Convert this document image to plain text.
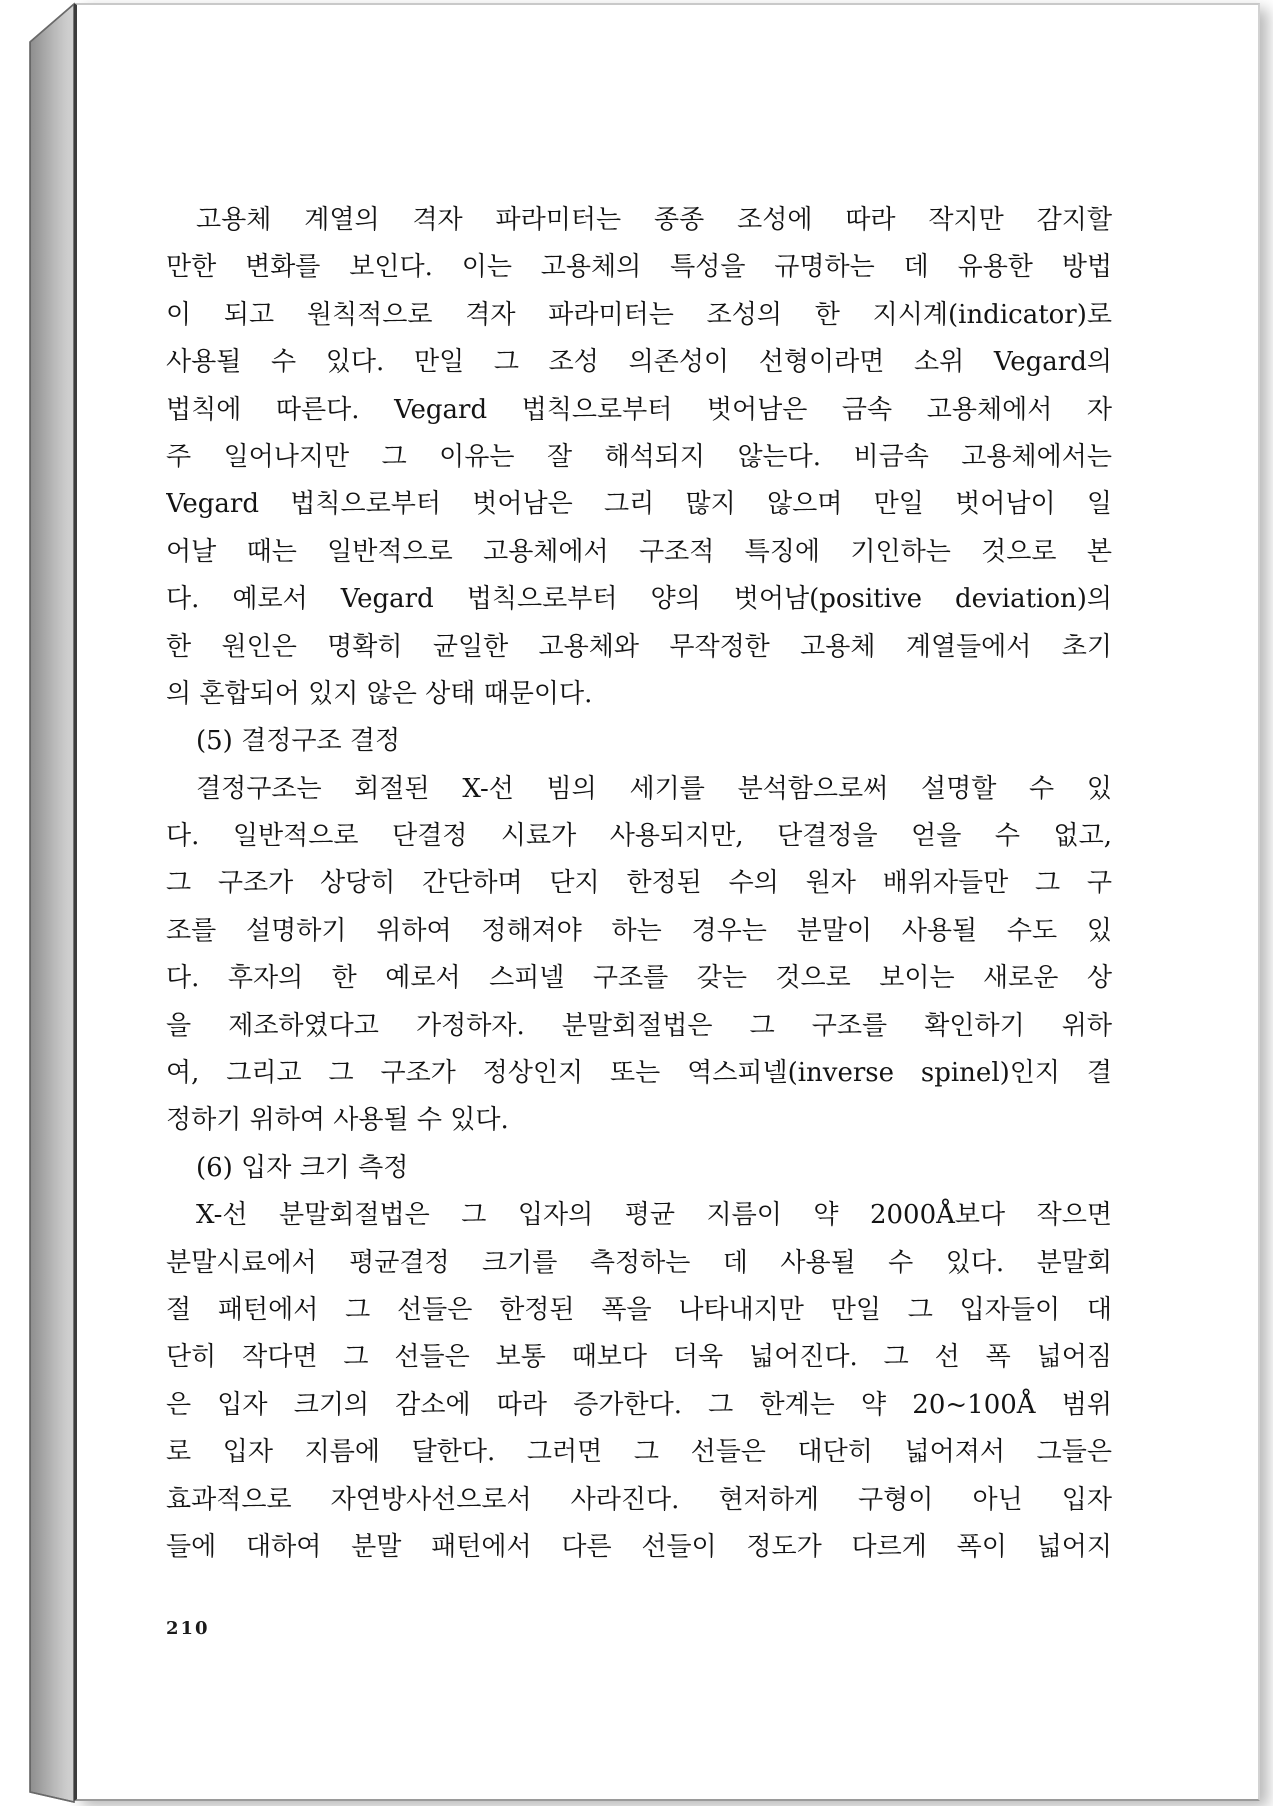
고용체 계열의 격자 파라미터는 종종 조성에 따라 작지만 감지할
만한 변화를 보인다. 이는 고용체의 특성을 규명하는 데 유용한 방법
이 되고 원칙적으로 격자 파라미터는 조성의 한 지시계(indicator)로
사용될 수 있다. 만일 그 조성 의존성이 선형이라면 소위 Vegard의
법칙에 따른다. Vegard 법칙으로부터 벗어남은 금속 고용체에서 자
주 일어나지만 그 이유는 잘 해석되지 않는다. 비금속 고용체에서는
Vegard 법칙으로부터 벗어남은 그리 많지 않으며 만일 벗어남이 일
어날 때는 일반적으로 고용체에서 구조적 특징에 기인하는 것으로 본
다. 예로서 Vegard 법칙으로부터 양의 벗어남(positive deviation)의
한 원인은 명확히 균일한 고용체와 무작정한 고용체 계열들에서 초기
의 혼합되어 있지 않은 상태 때문이다.
(5) 결정구조 결정
결정구조는 회절된 X-선 빔의 세기를 분석함으로써 설명할 수 있
다. 일반적으로 단결정 시료가 사용되지만, 단결정을 얻을 수 없고,
그 구조가 상당히 간단하며 단지 한정된 수의 원자 배위자들만 그 구
조를 설명하기 위하여 정해져야 하는 경우는 분말이 사용될 수도 있
다. 후자의 한 예로서 스피넬 구조를 갖는 것으로 보이는 새로운 상
을 제조하였다고 가정하자. 분말회절법은 그 구조를 확인하기 위하
여, 그리고 그 구조가 정상인지 또는 역스피넬(inverse spinel)인지 결
정하기 위하여 사용될 수 있다.
(6) 입자 크기 측정
X-선 분말회절법은 그 입자의 평균 지름이 약 2000Å보다 작으면
분말시료에서 평균결정 크기를 측정하는 데 사용될 수 있다. 분말회
절 패턴에서 그 선들은 한정된 폭을 나타내지만 만일 그 입자들이 대
단히 작다면 그 선들은 보통 때보다 더욱 넓어진다. 그 선 폭 넓어짐
은 입자 크기의 감소에 따라 증가한다. 그 한계는 약 20~100Å 범위
로 입자 지름에 달한다. 그러면 그 선들은 대단히 넓어져서 그들은
효과적으로 자연방사선으로서 사라진다. 현저하게 구형이 아닌 입자
들에 대하여 분말 패턴에서 다른 선들이 정도가 다르게 폭이 넓어지
210
